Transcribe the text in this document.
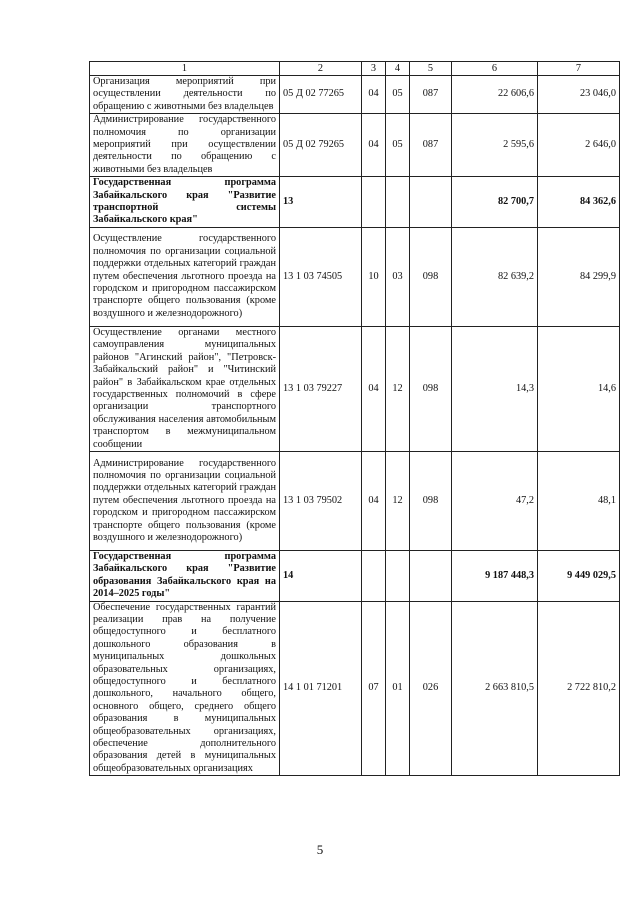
1	2	3	4	5	6	7
Организация мероприятий при осуществлении деятельности по обращению с животными без владельцев	05 Д 02 77265	04	05	087	22 606,6	23 046,0
Администрирование государственного полномочия по организации мероприятий при осуществлении деятельности по обращению с животными без владельцев	05 Д 02 79265	04	05	087	2 595,6	2 646,0
Государственная программа Забайкальского края "Развитие транспортной системы Забайкальского края"	13				82 700,7	84 362,6
Осуществление государственного полномочия по организации социальной поддержки отдельных категорий граждан путем обеспечения льготного проезда на городском и пригородном пассажирском транспорте общего пользования (кроме воздушного и железнодорожного)	13 1 03 74505	10	03	098	82 639,2	84 299,9
Осуществление органами местного самоуправления муниципальных районов "Агинский район", "Петровск-Забайкальский район" и "Читинский район" в Забайкальском крае отдельных государственных полномочий в сфере организации транспортного обслуживания населения автомобильным транспортом в межмуниципальном сообщении	13 1 03 79227	04	12	098	14,3	14,6
Администрирование государственного полномочия по организации социальной поддержки отдельных категорий граждан путем обеспечения льготного проезда на городском и пригородном пассажирском транспорте общего пользования (кроме воздушного и железнодорожного)	13 1 03 79502	04	12	098	47,2	48,1
Государственная программа Забайкальского края "Развитие образования Забайкальского края на 2014–2025 годы"	14				9 187 448,3	9 449 029,5
Обеспечение государственных гарантий реализации прав на получение общедоступного и бесплатного дошкольного образования в муниципальных дошкольных образовательных организациях, общедоступного и бесплатного дошкольного, начального общего, основного общего, среднего общего образования в муниципальных общеобразовательных организациях, обеспечение дополнительного образования детей в муниципальных общеобразовательных организациях	14 1 01 71201	07	01	026	2 663 810,5	2 722 810,2
5
